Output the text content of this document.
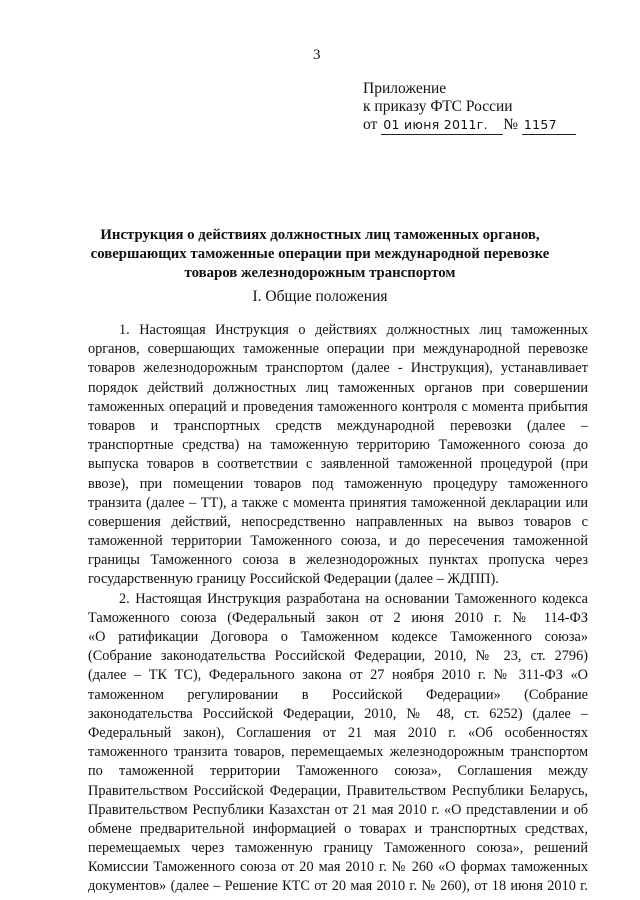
3
Приложение
к приказу ФТС России
от 01 июня 2011г. № 1157
Инструкция о действиях должностных лиц таможенных органов,
совершающих таможенные операции при международной перевозке
товаров железнодорожным транспортом
I. Общие положения
1. Настоящая Инструкция о действиях должностных лиц таможенных
органов, совершающих таможенные операции при международной перевозке
товаров железнодорожным транспортом (далее - Инструкция), устанавливает
порядок действий должностных лиц таможенных органов при совершении
таможенных операций и проведения таможенного контроля с момента прибытия
товаров и транспортных средств международной перевозки (далее –
транспортные средства) на таможенную территорию Таможенного союза до
выпуска товаров в соответствии с заявленной таможенной процедурой (при
ввозе), при помещении товаров под таможенную процедуру таможенного
транзита (далее – ТТ), а также с момента принятия таможенной декларации или
совершения действий, непосредственно направленных на вывоз товаров с
таможенной территории Таможенного союза, и до пересечения таможенной
границы Таможенного союза в железнодорожных пунктах пропуска через
государственную границу Российской Федерации (далее – ЖДПП).
2. Настоящая Инструкция разработана на основании Таможенного кодекса
Таможенного союза (Федеральный закон от 2 июня 2010 г. № 114-ФЗ
«О ратификации Договора о Таможенном кодексе Таможенного союза»
(Собрание законодательства Российской Федерации, 2010, № 23, ст. 2796)
(далее – ТК ТС), Федерального закона от 27 ноября 2010 г. № 311-ФЗ «О
таможенном регулировании в Российской Федерации» (Собрание
законодательства Российской Федерации, 2010, № 48, ст. 6252) (далее –
Федеральный закон), Соглашения от 21 мая 2010 г. «Об особенностях
таможенного транзита товаров, перемещаемых железнодорожным транспортом
по таможенной территории Таможенного союза», Соглашения между
Правительством Российской Федерации, Правительством Республики Беларусь,
Правительством Республики Казахстан от 21 мая 2010 г. «О представлении и об
обмене предварительной информацией о товарах и транспортных средствах,
перемещаемых через таможенную границу Таможенного союза», решений
Комиссии Таможенного союза от 20 мая 2010 г. № 260 «О формах таможенных
документов» (далее – Решение КТС от 20 мая 2010 г. № 260), от 18 июня 2010 г.
